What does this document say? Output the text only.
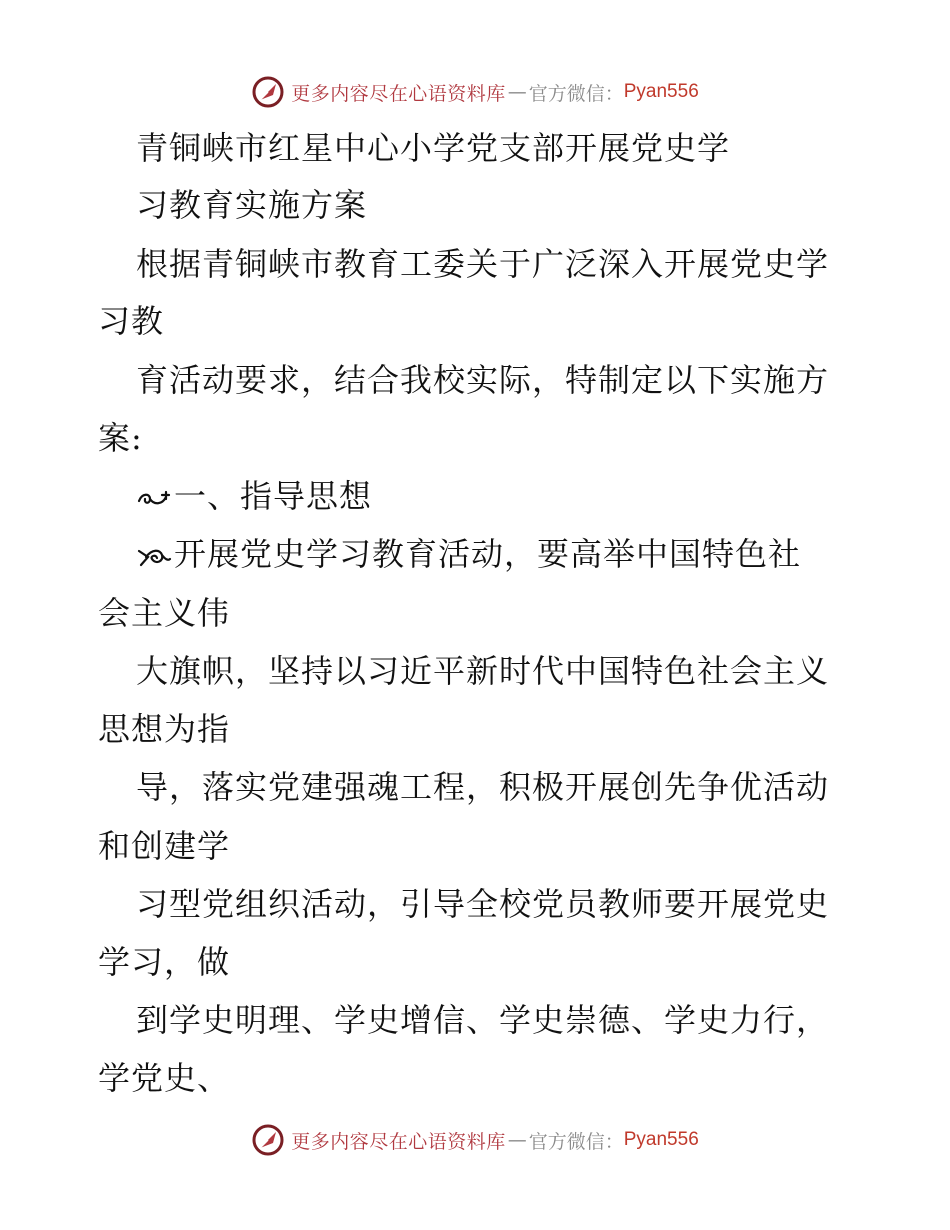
更多内容尽在心语资料库 — 官方微信： Pyan556
青铜峡市红星中心小学党支部开展党史学
习教育实施方案
根据青铜峡市教育工委关于广泛深入开展党史学
习教
育活动要求，结合我校实际，特制定以下实施方
案:
一、指导思想
开展党史学习教育活动，要高举中国特色社
会主义伟
大旗帜，坚持以习近平新时代中国特色社会主义
思想为指
导，落实党建强魂工程，积极开展创先争优活动
和创建学
习型党组织活动，引导全校党员教师要开展党史
学习，做
到学史明理、学史增信、学史崇德、学史力行，
学党史、
更多内容尽在心语资料库 — 官方微信： Pyan556
